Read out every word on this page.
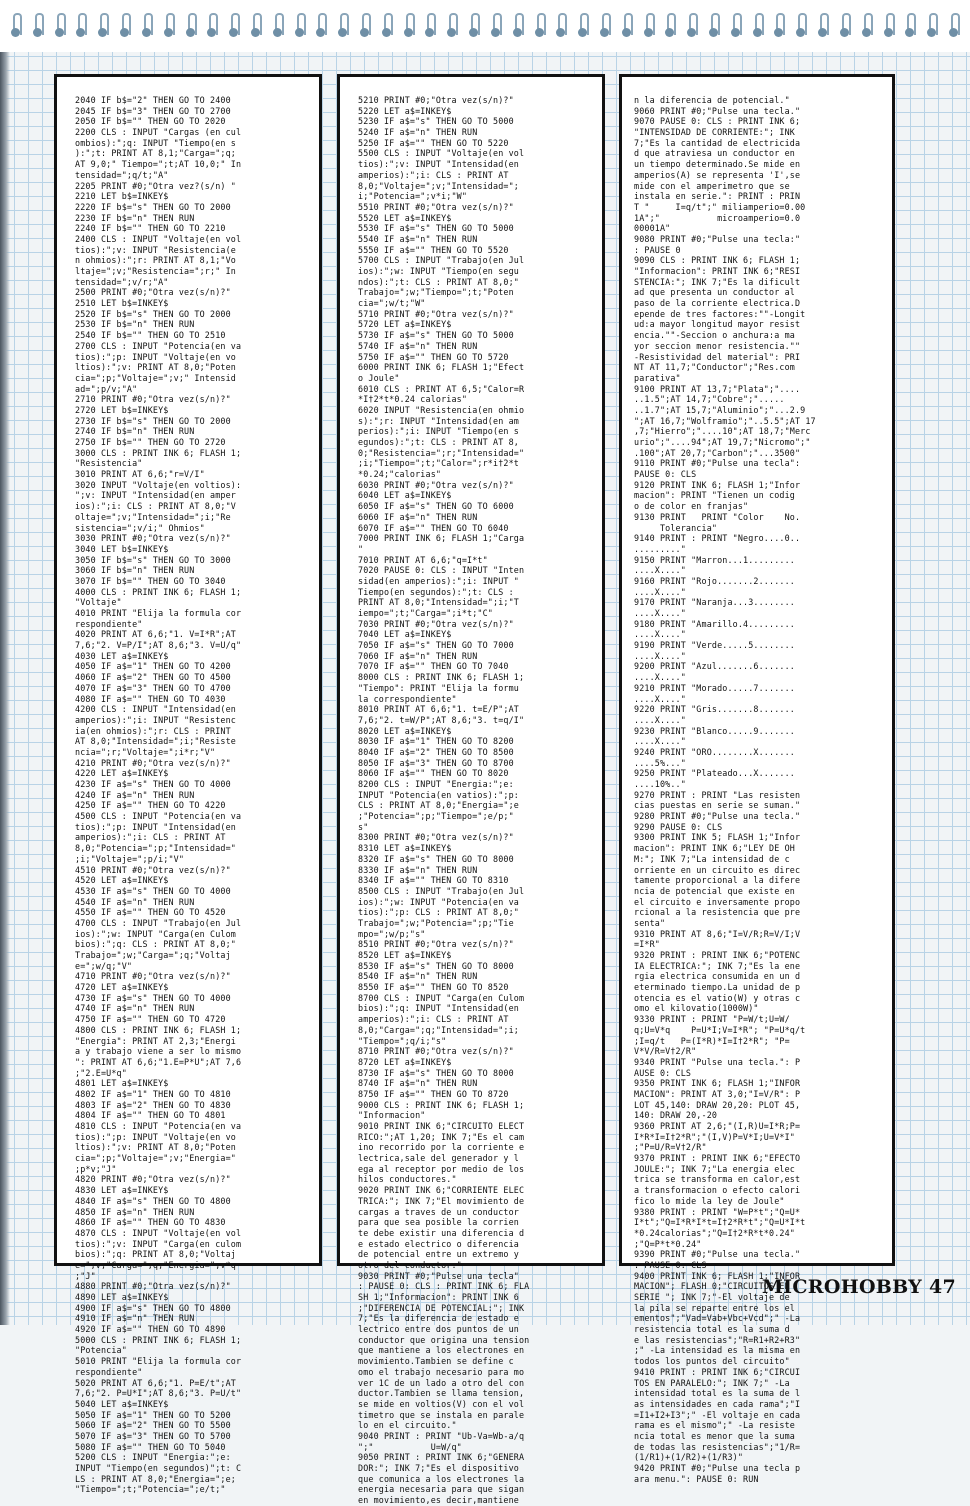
2040 IF b$="2" THEN GO TO 2400
2045 IF b$="3" THEN GO TO 2700
2050 IF b$="" THEN GO TO 2020
2200 CLS : INPUT "Cargas (en cul
ombios):";q: INPUT "Tiempo(en s
):";t: PRINT AT 8,1;"Carga=";q;
AT 9,0;" Tiempo=";t;AT 10,0;" In
tensidad=";q/t;"A"
2205 PRINT #0;"Otra vez?(s/n) "
2210 LET b$=INKEY$
2220 IF b$="s" THEN GO TO 2000
2230 IF b$="n" THEN RUN
2240 IF b$="" THEN GO TO 2210
2400 CLS : INPUT "Voltaje(en vol
tios):";v: INPUT "Resistencia(e
n ohmios):";r: PRINT AT 8,1;"Vo
ltaje=";v;"Resistencia=";r;" In
tensidad=";v/r;"A"
2500 PRINT #0;"Otra vez(s/n)?"
2510 LET b$=INKEY$
2520 IF b$="s" THEN GO TO 2000
2530 IF b$="n" THEN RUN
2540 IF b$="" THEN GO TO 2510
2700 CLS : INPUT "Potencia(en va
tios):";p: INPUT "Voltaje(en vo
ltios):";v: PRINT AT 8,0;"Poten
cia=";p;"Voltaje=";v;" Intensid
ad=";p/v;"A"
2710 PRINT #0;"Otra vez(s/n)?"
2720 LET b$=INKEY$
2730 IF b$="s" THEN GO TO 2000
2740 IF b$="n" THEN RUN
2750 IF b$="" THEN GO TO 2720
3000 CLS : PRINT INK 6; FLASH 1;
"Resistencia"
3010 PRINT AT 6,6;"r=V/I"
3020 INPUT "Voltaje(en voltios):
";v: INPUT "Intensidad(en amper
ios):";i: CLS : PRINT AT 8,0;"V
oltaje=";v;"Intensidad=";i;"Re
sistencia=";v/i;" Ohmios"
3030 PRINT #0;"Otra vez(s/n)?"
3040 LET b$=INKEY$
3050 IF b$="s" THEN GO TO 3000
3060 IF b$="n" THEN RUN
3070 IF b$="" THEN GO TO 3040
4000 CLS : PRINT INK 6; FLASH 1;
"Voltaje"
4010 PRINT "Elija la formula cor
respondiente"
4020 PRINT AT 6,6;"1. V=I*R";AT
7,6;"2. V=P/I";AT 8,6;"3. V=U/q"
4030 LET a$=INKEY$
4050 IF a$="1" THEN GO TO 4200
4060 IF a$="2" THEN GO TO 4500
4070 IF a$="3" THEN GO TO 4700
4080 IF a$="" THEN GO TO 4030
4200 CLS : INPUT "Intensidad(en
amperios):";i: INPUT "Resistenc
ia(en ohmios):";r: CLS : PRINT
AT 8,0;"Intensidad=";i;"Resiste
ncia=";r;"Voltaje=";i*r;"V"
4210 PRINT #0;"Otra vez(s/n)?"
4220 LET a$=INKEY$
4230 IF a$="s" THEN GO TO 4000
4240 IF a$="n" THEN RUN
4250 IF a$="" THEN GO TO 4220
4500 CLS : INPUT "Potencia(en va
tios):";p: INPUT "Intensidad(en
amperios):";i: CLS : PRINT AT
8,0;"Potencia=";p;"Intensidad="
;i;"Voltaje=";p/i;"V"
4510 PRINT #0;"Otra vez(s/n)?"
4520 LET a$=INKEY$
4530 IF a$="s" THEN GO TO 4000
4540 IF a$="n" THEN RUN
4550 IF a$="" THEN GO TO 4520
4700 CLS : INPUT "Trabajo(en Jul
ios):";w: INPUT "Carga(en Culom
bios):";q: CLS : PRINT AT 8,0;"
Trabajo=";w;"Carga=";q;"Voltaj
e=";w/q;"V"
4710 PRINT #0;"Otra vez(s/n)?"
4720 LET a$=INKEY$
4730 IF a$="s" THEN GO TO 4000
4740 IF a$="n" THEN RUN
4750 IF a$="" THEN GO TO 4720
4800 CLS : PRINT INK 6; FLASH 1;
"Energia": PRINT AT 2,3;"Energi
a y trabajo viene a ser lo mismo
": PRINT AT 6,6;"1.E=P*U";AT 7,6
;"2.E=U*q"
4801 LET a$=INKEY$
4802 IF a$="1" THEN GO TO 4810
4803 IF a$="2" THEN GO TO 4830
4804 IF a$="" THEN GO TO 4801
4810 CLS : INPUT "Potencia(en va
tios):";p: INPUT "Voltaje(en vo
ltios):";v: PRINT AT 8,0;"Poten
cia=";p;"Voltaje=";v;"Energia="
;p*v;"J"
4820 PRINT #0;"Otra vez(s/n)?"
4830 LET a$=INKEY$
4840 IF a$="s" THEN GO TO 4800
4850 IF a$="n" THEN RUN
4860 IF a$="" THEN GO TO 4830
4870 CLS : INPUT "Voltaje(en vol
tios):";v: INPUT "Carga(en culom
bios):";q: PRINT AT 8,0;"Voltaj
e=";v;"Carga=";q;"Energia=";v*q
;"J"
4880 PRINT #0;"Otra vez(s/n)?"
4890 LET a$=INKEY$
4900 IF a$="s" THEN GO TO 4800
4910 IF a$="n" THEN RUN
4920 IF a$="" THEN GO TO 4890
5000 CLS : PRINT INK 6; FLASH 1;
"Potencia"
5010 PRINT "Elija la formula cor
respondiente"
5020 PRINT AT 6,6;"1. P=E/t";AT
7,6;"2. P=U*I";AT 8,6;"3. P=U/t"
5040 LET a$=INKEY$
5050 IF a$="1" THEN GO TO 5200
5060 IF a$="2" THEN GO TO 5500
5070 IF a$="3" THEN GO TO 5700
5080 IF a$="" THEN GO TO 5040
5200 CLS : INPUT "Energia:";e:
INPUT "Tiempo(en segundos)";t: C
LS : PRINT AT 8,0;"Energia=";e;
"Tiempo=";t;"Potencia=";e/t;"
5210 PRINT #0;"Otra vez(s/n)?"
5220 LET a$=INKEY$
5230 IF a$="s" THEN GO TO 5000
5240 IF a$="n" THEN RUN
5250 IF a$="" THEN GO TO 5220
5500 CLS : INPUT "Voltaje(en vol
tios):";v: INPUT "Intensidad(en
amperios):";i: CLS : PRINT AT
8,0;"Voltaje=";v;"Intensidad=";
i;"Potencia=";v*i;"W"
5510 PRINT #0;"Otra vez(s/n)?"
5520 LET a$=INKEY$
5530 IF a$="s" THEN GO TO 5000
5540 IF a$="n" THEN RUN
5550 IF a$="" THEN GO TO 5520
5700 CLS : INPUT "Trabajo(en Jul
ios):";w: INPUT "Tiempo(en segu
ndos):";t: CLS : PRINT AT 8,0;"
Trabajo=";w;"Tiempo=";t;"Poten
cia=";w/t;"W"
5710 PRINT #0;"Otra vez(s/n)?"
5720 LET a$=INKEY$
5730 IF a$="s" THEN GO TO 5000
5740 IF a$="n" THEN RUN
5750 IF a$="" THEN GO TO 5720
6000 PRINT INK 6; FLASH 1;"Efect
o Joule"
6010 CLS : PRINT AT 6,5;"Calor=R
*I†2*t*0.24 calorias"
6020 INPUT "Resistencia(en ohmio
s):";r: INPUT "Intensidad(en am
perios):";i: INPUT "Tiempo(en s
egundos):";t: CLS : PRINT AT 8,
0;"Resistencia=";r;"Intensidad="
;i;"Tiempo=";t;"Calor=";r*i†2*t
*0.24;"calorias"
6030 PRINT #0;"Otra vez(s/n)?"
6040 LET a$=INKEY$
6050 IF a$="s" THEN GO TO 6000
6060 IF a$="n" THEN RUN
6070 IF a$="" THEN GO TO 6040
7000 PRINT INK 6; FLASH 1;"Carga
"
7010 PRINT AT 6,6;"q=I*t"
7020 PAUSE 0: CLS : INPUT "Inten
sidad(en amperios):";i: INPUT "
Tiempo(en segundos):";t: CLS :
PRINT AT 8,0;"Intensidad=";i;"T
iempo=";t;"Carga=";i*t;"C"
7030 PRINT #0;"Otra vez(s/n)?"
7040 LET a$=INKEY$
7050 IF a$="s" THEN GO TO 7000
7060 IF a$="n" THEN RUN
7070 IF a$="" THEN GO TO 7040
8000 CLS : PRINT INK 6; FLASH 1;
"Tiempo": PRINT "Elija la formu
la correspondiente"
8010 PRINT AT 6,6;"1. t=E/P";AT
7,6;"2. t=W/P";AT 8,6;"3. t=q/I"
8020 LET a$=INKEY$
8030 IF a$="1" THEN GO TO 8200
8040 IF a$="2" THEN GO TO 8500
8050 IF a$="3" THEN GO TO 8700
8060 IF a$="" THEN GO TO 8020
8200 CLS : INPUT "Energia:";e:
INPUT "Potencia(en vatios):";p:
CLS : PRINT AT 8,0;"Energia=";e
;"Potencia=";p;"Tiempo=";e/p;"
s"
8300 PRINT #0;"Otra vez(s/n)?"
8310 LET a$=INKEY$
8320 IF a$="s" THEN GO TO 8000
8330 IF a$="n" THEN RUN
8340 IF a$="" THEN GO TO 8310
8500 CLS : INPUT "Trabajo(en Jul
ios):";w: INPUT "Potencia(en va
tios):";p: CLS : PRINT AT 8,0;"
Trabajo=";w;"Potencia=";p;"Tie
mpo=";w/p;"s"
8510 PRINT #0;"Otra vez(s/n)?"
8520 LET a$=INKEY$
8530 IF a$="s" THEN GO TO 8000
8540 IF a$="n" THEN RUN
8550 IF a$="" THEN GO TO 8520
8700 CLS : INPUT "Carga(en Culom
bios):";q: INPUT "Intensidad(en
amperios):";i: CLS : PRINT AT
8,0;"Carga=";q;"Intensidad=";i;
"Tiempo=";q/i;"s"
8710 PRINT #0;"Otra vez(s/n)?"
8720 LET a$=INKEY$
8730 IF a$="s" THEN GO TO 8000
8740 IF a$="n" THEN RUN
8750 IF a$="" THEN GO TO 8720
9000 CLS : PRINT INK 6; FLASH 1;
"Informacion"
9010 PRINT INK 6;"CIRCUITO ELECT
RICO:";AT 1,20; INK 7;"Es el cam
ino recorrido por la corriente e
lectrica,sale del generador y l
ega al receptor por medio de los
hilos conductores."
9020 PRINT INK 6;"CORRIENTE ELEC
TRICA:"; INK 7;"El movimiento de
cargas a traves de un conductor
para que sea posible la corrien
te debe existir una diferencia d
e estado electrico o diferencia
de potencial entre un extremo y
otro del conductor."
9030 PRINT #0;"Pulse una tecla"
: PAUSE 0: CLS : PRINT INK 6; FLA
SH 1;"Informacion": PRINT INK 6
;"DIFERENCIA DE POTENCIAL:"; INK
7;"Es la diferencia de estado e
lectrico entre dos puntos de un
conductor que origina una tension
que mantiene a los electrones en
movimiento.Tambien se define c
omo el trabajo necesario para mo
ver 1C de un lado a otro del con
ductor.Tambien se llama tension,
se mide en voltios(V) con el vol
timetro que se instala en parale
lo en el circuito."
9040 PRINT : PRINT "Ub-Va=Wb-a/q
";"           U=W/q"
9050 PRINT : PRINT INK 6;"GENERA
DOR:"; INK 7;"Es el dispositivo
que comunica a los electrones la
energia necesaria para que sigan
en movimiento,es decir,mantiene
n la diferencia de potencial."
9060 PRINT #0;"Pulse una tecla."
9070 PAUSE 0: CLS : PRINT INK 6;
"INTENSIDAD DE CORRIENTE:"; INK
7;"Es la cantidad de electricida
d que atraviesa un conductor en
un tiempo determinado.Se mide en
amperios(A) se representa 'I',se
mide con el amperimetro que se
instala en serie.": PRINT : PRIN
T "     I=q/t";" miliamperio=0.00
1A";"           microamperio=0.0
00001A"
9080 PRINT #0;"Pulse una tecla:"
: PAUSE 0
9090 CLS : PRINT INK 6; FLASH 1;
"Informacion": PRINT INK 6;"RESI
STENCIA:"; INK 7;"Es la dificult
ad que presenta un conductor al
paso de la corriente electrica.D
epende de tres factores:""-Longit
ud:a mayor longitud mayor resist
encia.""-Seccion o anchura:a ma
yor seccion menor resistencia.""
-Resistividad del material": PRI
NT AT 11,7;"Conductor";"Res.com
parativa"
9100 PRINT AT 13,7;"Plata";"....
..1.5";AT 14,7;"Cobre";".....
..1.7";AT 15,7;"Aluminio";"...2.9
";AT 16,7;"Wolframio";"..5.5";AT 17
,7;"Hierro";"....10";AT 18,7;"Merc
urio";"....94";AT 19,7;"Nicromo";"
.100";AT 20,7;"Carbon";"...3500"
9110 PRINT #0;"Pulse una tecla":
PAUSE 0: CLS
9120 PRINT INK 6; FLASH 1;"Infor
macion": PRINT "Tienen un codig
o de color en franjas"
9130 PRINT   PRINT "Color    No.
Tolerancia"
9140 PRINT : PRINT "Negro....0..
........."
9150 PRINT "Marron...1.........
....X...."
9160 PRINT "Rojo.......2.......
....X...."
9170 PRINT "Naranja...3........
....X...."
9180 PRINT "Amarillo.4.........
....X...."
9190 PRINT "Verde.....5........
....X...."
9200 PRINT "Azul.......6.......
....X...."
9210 PRINT "Morado.....7.......
....X...."
9220 PRINT "Gris.......8.......
....X...."
9230 PRINT "Blanco.....9.......
....X...."
9240 PRINT "ORO........X.......
....5%..."
9250 PRINT "Plateado...X.......
....10%.."
9270 PRINT : PRINT "Las resisten
cias puestas en serie se suman."
9280 PRINT #0;"Pulse una tecla."
9290 PAUSE 0: CLS
9300 PRINT INK 5; FLASH 1;"Infor
macion": PRINT INK 6;"LEY DE OH
M:"; INK 7;"La intensidad de c
orriente en un circuito es direc
tamente proporcional a la difere
ncia de potencial que existe en
el circuito e inversamente propo
rcional a la resistencia que pre
senta"
9310 PRINT AT 8,6;"I=V/R;R=V/I;V
=I*R"
9320 PRINT : PRINT INK 6;"POTENC
IA ELECTRICA:"; INK 7;"Es la ene
rgia electrica consumida en un d
eterminado tiempo.La unidad de p
otencia es el vatio(W) y otras c
omo el kilovatio(1000W)"
9330 PRINT : PRINT "P=W/t;U=W/
q;U=V*q    P=U*I;V=I*R"; "P=U*q/t
;I=q/t   P=(I*R)*I=I†2*R"; "P=
V*V/R=V†2/R"
9340 PRINT "Pulse una tecla.": P
AUSE 0: CLS
9350 PRINT INK 6; FLASH 1;"INFOR
MACION": PRINT AT 3,0;"I=V/R": P
LOT 45,140: DRAW 20,20: PLOT 45,
140: DRAW 20,-20
9360 PRINT AT 2,6;"(I,R)U=I*R;P=
I*R*I=I†2*R";"(I,V)P=V*I;U=V*I"
;"P=U/R=V†2/R"
9370 PRINT : PRINT INK 6;"EFECTO
JOULE:"; INK 7;"La energia elec
trica se transforma en calor,est
a transformacion o efecto calori
fico lo mide la ley de Joule"
9380 PRINT : PRINT "W=P*t";"Q=U*
I*t";"Q=I*R*I*t=I†2*R*t";"Q=U*I*t
*0.24calorias";"Q=I†2*R*t*0.24"
;"Q=P*t*0.24"
9390 PRINT #0;"Pulse una tecla."
: PAUSE 0: CLS
9400 PRINT INK 6; FLASH 1;"INFOR
MACION"; FLASH 0;"CIRCUITOS EN
SERIE "; INK 7;"-El voltaje de
la pila se reparte entre los el
ementos";"Vad=Vab+Vbc+Vcd";" -La
resistencia total es la suma d
e las resistencias";"R=R1+R2+R3"
;" -La intensidad es la misma en
todos los puntos del circuito"
9410 PRINT : PRINT INK 6;"CIRCUI
TOS EN PARALELO:"; INK 7;" -La
intensidad total es la suma de l
as intensidades en cada rama";"I
=I1+I2+I3";" -El voltaje en cada
rama es el mismo";" -La resiste
ncia total es menor que la suma
de todas las resistencias";"1/R=
(1/R1)+(1/R2)+(1/R3)"
9420 PRINT #0;"Pulse una tecla p
ara menu.": PAUSE 0: RUN
MICROHOBBY 47
